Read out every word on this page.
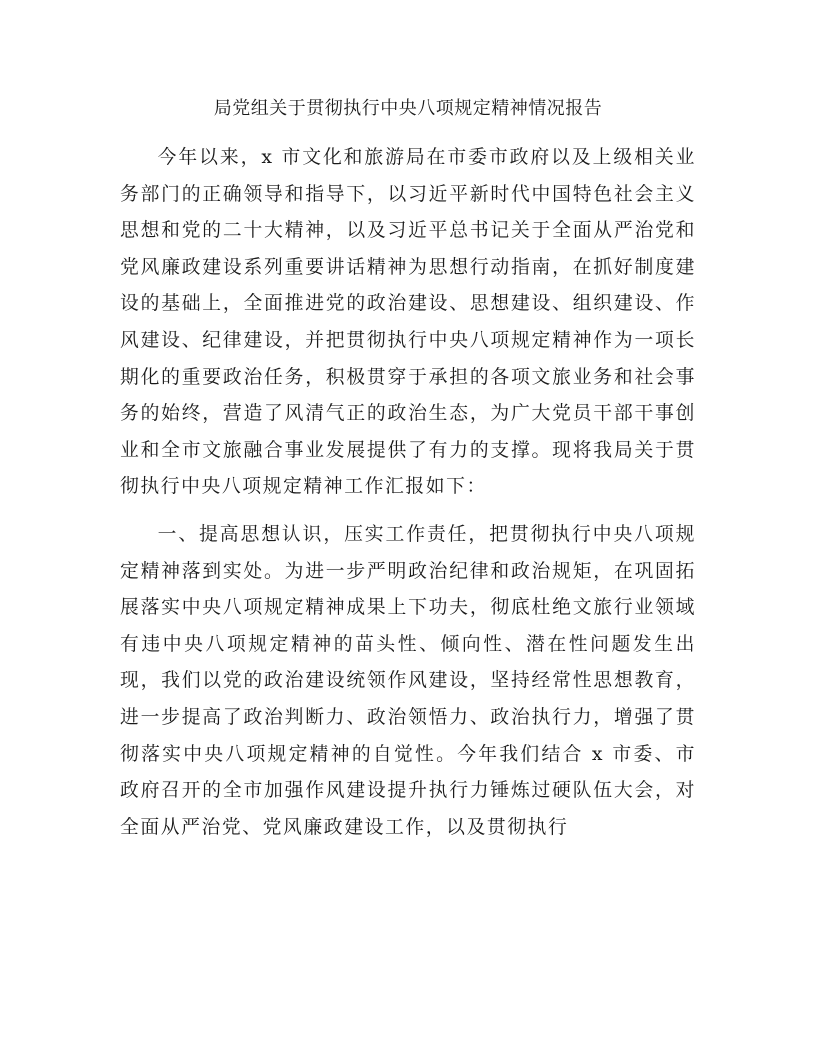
局党组关于贯彻执行中央八项规定精神情况报告

今年以来，x 市文化和旅游局在市委市政府以及上级相关业务部门的正确领导和指导下，以习近平新时代中国特色社会主义思想和党的二十大精神，以及习近平总书记关于全面从严治党和党风廉政建设系列重要讲话精神为思想行动指南，在抓好制度建设的基础上，全面推进党的政治建设、思想建设、组织建设、作风建设、纪律建设，并把贯彻执行中央八项规定精神作为一项长期化的重要政治任务，积极贯穿于承担的各项文旅业务和社会事务的始终，营造了风清气正的政治生态，为广大党员干部干事创业和全市文旅融合事业发展提供了有力的支撑。现将我局关于贯彻执行中央八项规定精神工作汇报如下：

一、提高思想认识，压实工作责任，把贯彻执行中央八项规定精神落到实处。为进一步严明政治纪律和政治规矩，在巩固拓展落实中央八项规定精神成果上下功夫，彻底杜绝文旅行业领域有违中央八项规定精神的苗头性、倾向性、潜在性问题发生出现，我们以党的政治建设统领作风建设，坚持经常性思想教育，进一步提高了政治判断力、政治领悟力、政治执行力，增强了贯彻落实中央八项规定精神的自觉性。今年我们结合 x 市委、市政府召开的全市加强作风建设提升执行力锤炼过硬队伍大会，对全面从严治党、党风廉政建设工作，以及贯彻执行
